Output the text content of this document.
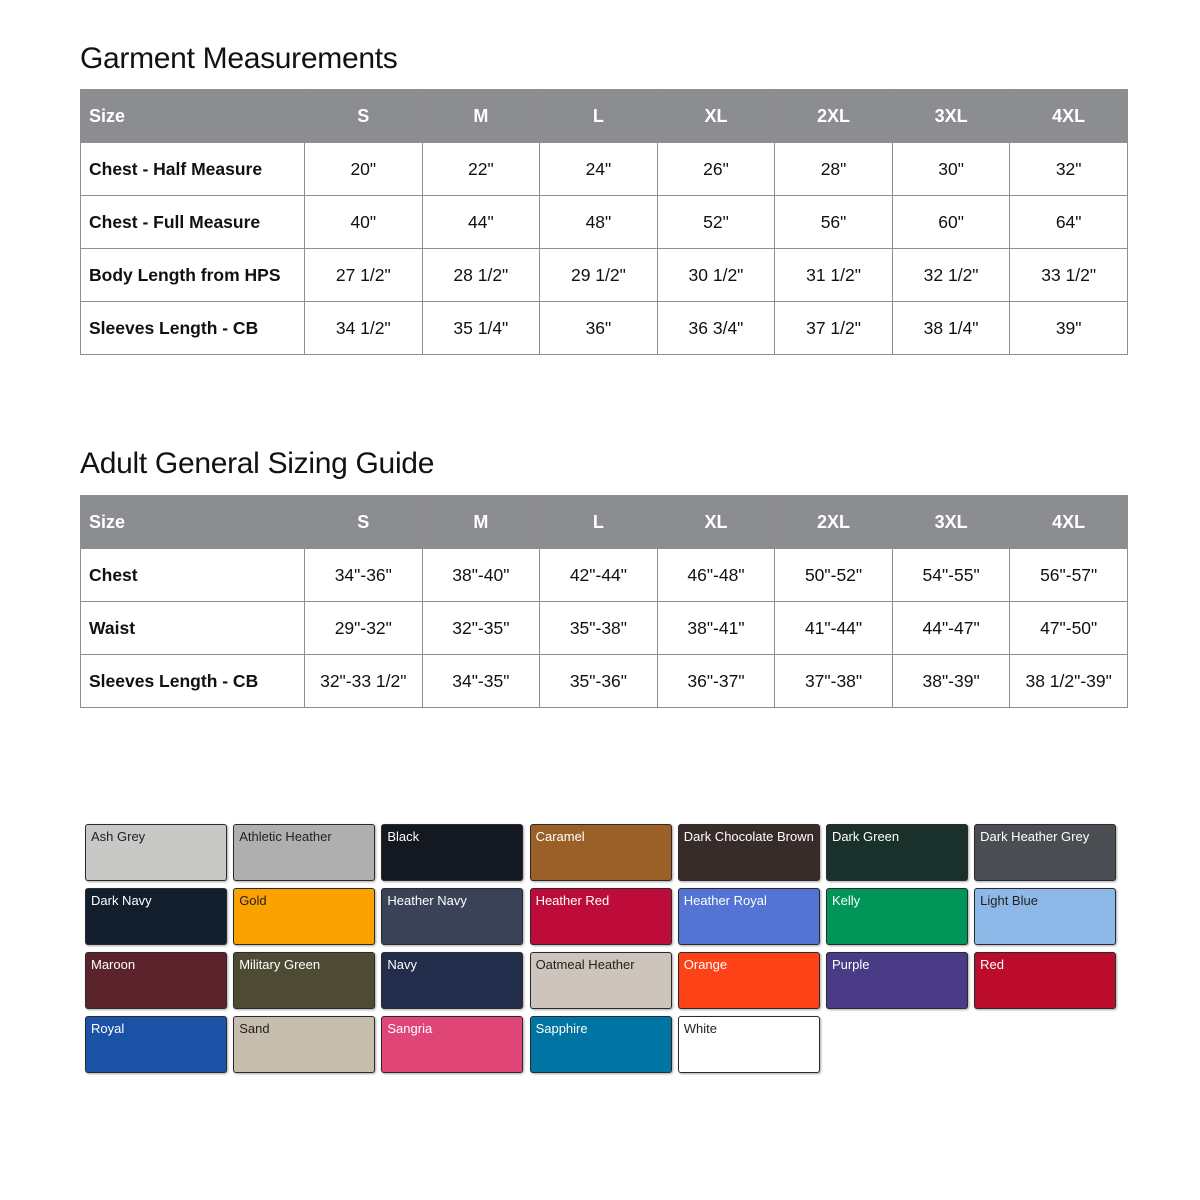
Garment Measurements
Size	S	M	L	XL	2XL	3XL	4XL
Chest - Half Measure	20"	22"	24"	26"	28"	30"	32"
Chest - Full Measure	40"	44"	48"	52"	56"	60"	64"
Body Length from HPS	27 1/2"	28 1/2"	29 1/2"	30 1/2"	31 1/2"	32 1/2"	33 1/2"
Sleeves Length - CB	34 1/2"	35 1/4"	36"	36 3/4"	37 1/2"	38 1/4"	39"
Adult General Sizing Guide
Size	S	M	L	XL	2XL	3XL	4XL
Chest	34"-36"	38"-40"	42"-44"	46"-48"	50"-52"	54"-55"	56"-57"
Waist	29"-32"	32"-35"	35"-38"	38"-41"	41"-44"	44"-47"	47"-50"
Sleeves Length - CB	32"-33 1/2"	34"-35"	35"-36"	36"-37"	37"-38"	38"-39"	38 1/2"-39"
Ash Grey	Athletic Heather	Black	Caramel	Dark Chocolate Brown	Dark Green	Dark Heather Grey
Dark Navy	Gold	Heather Navy	Heather Red	Heather Royal	Kelly	Light Blue
Maroon	Military Green	Navy	Oatmeal Heather	Orange	Purple	Red
Royal	Sand	Sangria	Sapphire	White
